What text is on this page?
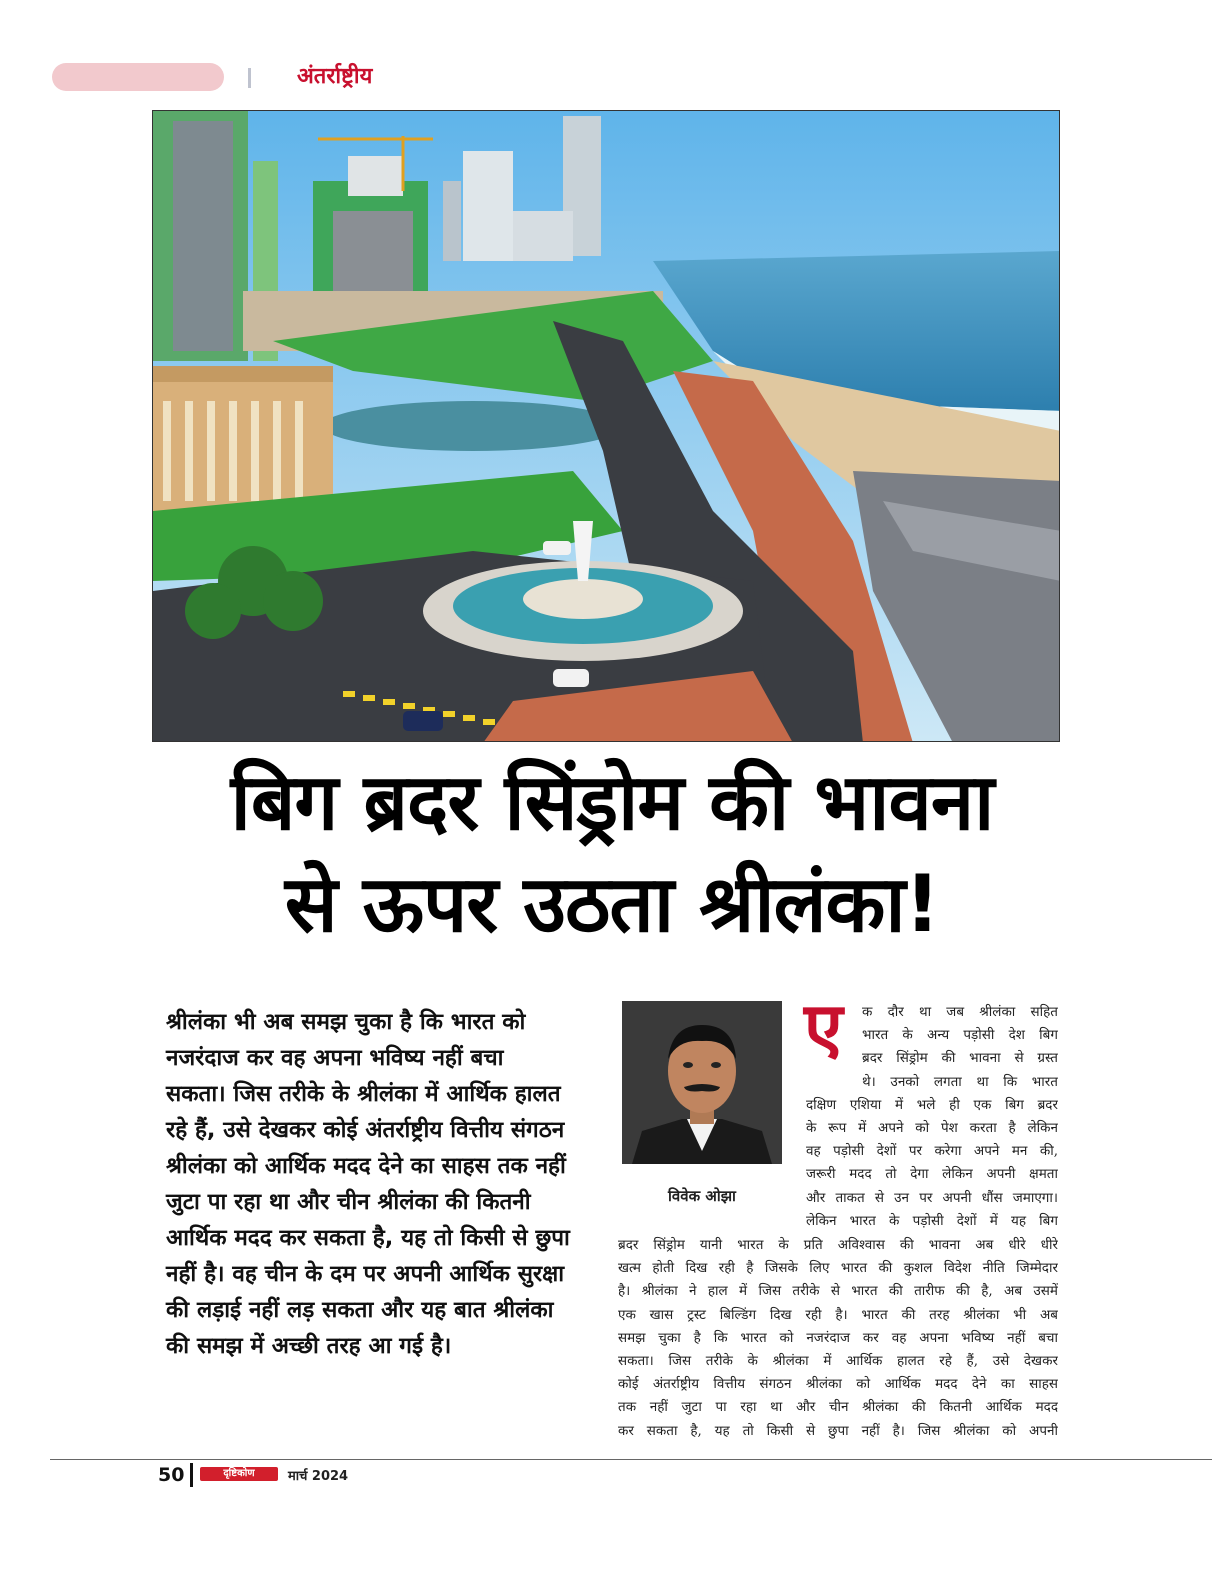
अंतर्राष्ट्रीय
बिग ब्रदर सिंड्रोम की भावना
से ऊपर उठता श्रीलंका!

श्रीलंका भी अब समझ चुका है कि भारत को नजरंदाज कर वह अपना भविष्य नहीं बचा सकता। जिस तरीके के श्रीलंका में आर्थिक हालत रहे हैं, उसे देखकर कोई अंतर्राष्ट्रीय वित्तीय संगठन श्रीलंका को आर्थिक मदद देने का साहस तक नहीं जुटा पा रहा था और चीन श्रीलंका की कितनी आर्थिक मदद कर सकता है, यह तो किसी से छुपा नहीं है। वह चीन के दम पर अपनी आर्थिक सुरक्षा की लड़ाई नहीं लड़ सकता और यह बात श्रीलंका की समझ में अच्छी तरह आ गई है।

विवेक ओझा
ए	क दौर था जब श्रीलंका सहित
भारत के अन्य पड़ोसी देश बिग
ब्रदर सिंड्रोम की भावना से ग्रस्त
थे। उनको लगता था कि भारत
दक्षिण एशिया में भले ही एक बिग ब्रदर
के रूप में अपने को पेश करता है लेकिन
वह पड़ोसी देशों पर करेगा अपने मन की,
जरूरी मदद तो देगा लेकिन अपनी क्षमता
और ताकत से उन पर अपनी धौंस जमाएगा।
लेकिन भारत के पड़ोसी देशों में यह बिग
ब्रदर सिंड्रोम यानी भारत के प्रति अविश्वास की भावना अब धीरे धीरे
खत्म होती दिख रही है जिसके लिए भारत की कुशल विदेश नीति जिम्मेदार
है। श्रीलंका ने हाल में जिस तरीके से भारत की तारीफ की है, अब उसमें
एक खास ट्रस्ट बिल्डिंग दिख रही है। भारत की तरह श्रीलंका भी अब
समझ चुका है कि भारत को नजरंदाज कर वह अपना भविष्य नहीं बचा
सकता। जिस तरीके के श्रीलंका में आर्थिक हालत रहे हैं, उसे देखकर
कोई अंतर्राष्ट्रीय वित्तीय संगठन श्रीलंका को आर्थिक मदद देने का साहस
तक नहीं जुटा पा रहा था और चीन श्रीलंका की कितनी आर्थिक मदद
कर सकता है, यह तो किसी से छुपा नहीं है। जिस श्रीलंका को अपनी
50	दृष्टिकोण	मार्च 2024
